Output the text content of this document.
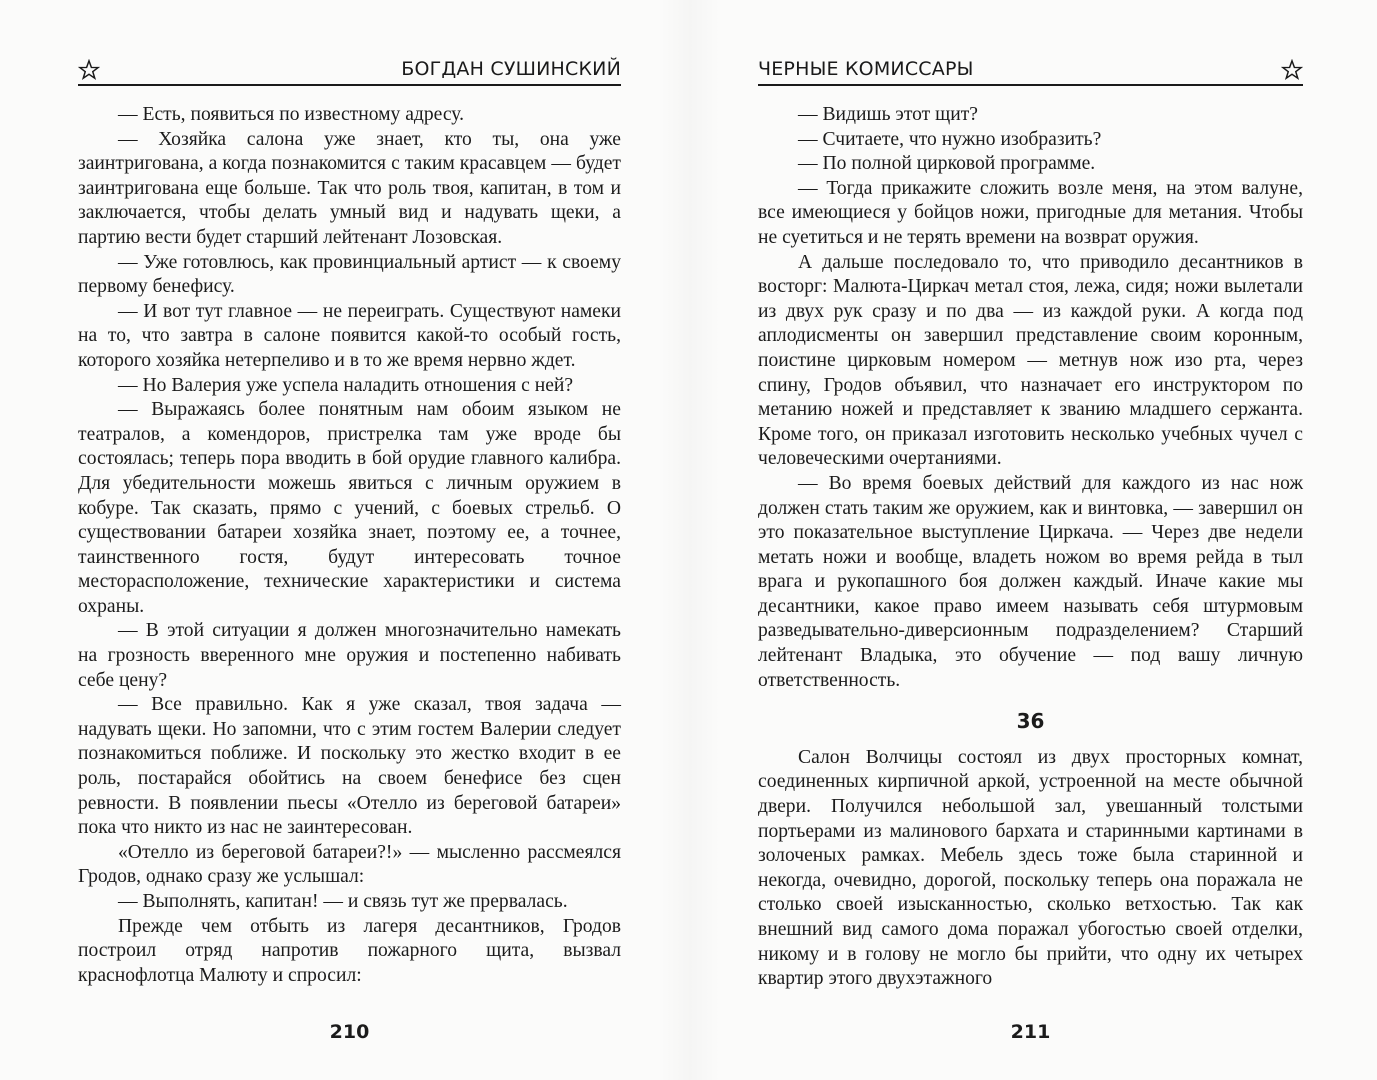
БОГДАН СУШИНСКИЙ

— Есть, появиться по известному адресу.

— Хозяйка салона уже знает, кто ты, она уже заинтригована, а когда познакомится с таким красавцем — будет заинтригована еще больше. Так что роль твоя, капитан, в том и заключается, чтобы делать умный вид и надувать щеки, а партию вести будет старший лейтенант Лозовская.

— Уже готовлюсь, как провинциальный артист — к своему первому бенефису.

— И вот тут главное — не переиграть. Существуют намеки на то, что завтра в салоне появится какой-то особый гость, которого хозяйка нетерпеливо и в то же время нервно ждет.

— Но Валерия уже успела наладить отношения с ней?

— Выражаясь более понятным нам обоим языком не театралов, а комендоров, пристрелка там уже вроде бы состоялась; теперь пора вводить в бой орудие главного калибра. Для убедительности можешь явиться с личным оружием в кобуре. Так сказать, прямо с учений, с боевых стрельб. О существовании батареи хозяйка знает, поэтому ее, а точнее, таинственного гостя, будут интересовать точное месторасположение, технические характеристики и система охраны.

— В этой ситуации я должен многозначительно намекать на грозность вверенного мне оружия и постепенно набивать себе цену?

— Все правильно. Как я уже сказал, твоя задача — надувать щеки. Но запомни, что с этим гостем Валерии следует познакомиться поближе. И поскольку это жестко входит в ее роль, постарайся обойтись на своем бенефисе без сцен ревности. В появлении пьесы «Отелло из береговой батареи» пока что никто из нас не заинтересован.

«Отелло из береговой батареи?!» — мысленно рассмеялся Гродов, однако сразу же услышал:

— Выполнять, капитан! — и связь тут же прервалась.

Прежде чем отбыть из лагеря десантников, Гродов построил отряд напротив пожарного щита, вызвал краснофлотца Малюту и спросил:

210
ЧЕРНЫЕ КОМИССАРЫ

— Видишь этот щит?

— Считаете, что нужно изобразить?

— По полной цирковой программе.

— Тогда прикажите сложить возле меня, на этом валуне, все имеющиеся у бойцов ножи, пригодные для метания. Чтобы не суетиться и не терять времени на возврат оружия.

А дальше последовало то, что приводило десантников в восторг: Малюта-Циркач метал стоя, лежа, сидя; ножи вылетали из двух рук сразу и по два — из каждой руки. А когда под аплодисменты он завершил представление своим коронным, поистине цирковым номером — метнув нож изо рта, через спину, Гродов объявил, что назначает его инструктором по метанию ножей и представляет к званию младшего сержанта. Кроме того, он приказал изготовить несколько учебных чучел с человеческими очертаниями.

— Во время боевых действий для каждого из нас нож должен стать таким же оружием, как и винтовка, — завершил он это показательное выступление Циркача. — Через две недели метать ножи и вообще, владеть ножом во время рейда в тыл врага и рукопашного боя должен каждый. Иначе какие мы десантники, какое право имеем называть себя штурмовым разведывательно-диверсионным подразделением? Старший лейтенант Владыка, это обучение — под вашу личную ответственность.

36

Салон Волчицы состоял из двух просторных комнат, соединенных кирпичной аркой, устроенной на месте обычной двери. Получился небольшой зал, увешанный толстыми портьерами из малинового бархата и старинными картинами в золоченых рамках. Мебель здесь тоже была старинной и некогда, очевидно, дорогой, поскольку теперь она поражала не столько своей изысканностью, сколько ветхостью. Так как внешний вид самого дома поражал убогостью своей отделки, никому и в голову не могло бы прийти, что одну их четырех квартир этого двухэтажного

211
